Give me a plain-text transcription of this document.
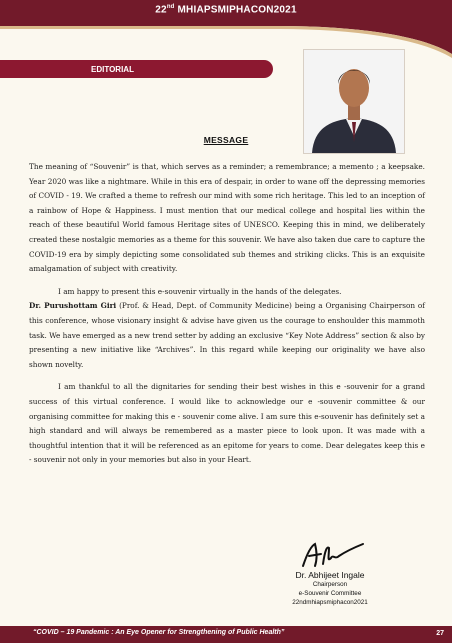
22nd MHIAPSMIPHACON2021
EDITORIAL
MESSAGE

The meaning of “Souvenir” is that, which serves as a reminder; a remembrance; a memento ; a keepsake. Year 2020 was like a nightmare. While in this era of despair, in order to wane off the depressing memories of COVID - 19. We crafted a theme to refresh our mind with some rich heritage. This led to an inception of a rainbow of Hope & Happiness. I must mention that our medical college and hospital lies within the reach of these beautiful World famous Heritage sites of UNESCO. Keeping this in mind, we deliberately created these nostalgic memories as a theme for this souvenir. We have also taken due care to capture the COVID-19 era by simply depicting some consolidated sub themes and striking clicks. This is an exquisite amalgamation of subject with creativity.

I am happy to present this e-souvenir virtually in the hands of the delegates.
Dr. Purushottam Giri (Prof. & Head, Dept. of Community Medicine) being a Organising Chairperson of this conference, whose visionary insight & advise have given us the courage to enshoulder this mammoth task. We have emerged as a new trend setter by adding an exclusive “Key Note Address” section & also by presenting a new initiative like “Archives”. In this regard while keeping our originality we have also shown novelty.

I am thankful to all the dignitaries for sending their best wishes in this e -souvenir for a grand success of this virtual conference. I would like to acknowledge our e -souvenir committee & our organising committee for making this e - souvenir come alive. I am sure this e-souvenir has definitely set a high standard and will always be remembered as a master piece to look upon. It was made with a thoughtful intention that it will be referenced as an epitome for years to come. Dear delegates keep this e - souvenir not only in your memories but also in your Heart.

Dr. Abhijeet Ingale
Chairperson
e-Souvenir Committee
22ndmhiapsmiphacon2021
“COVID – 19 Pandemic : An Eye Opener for Strengthening of Public Health”	27
